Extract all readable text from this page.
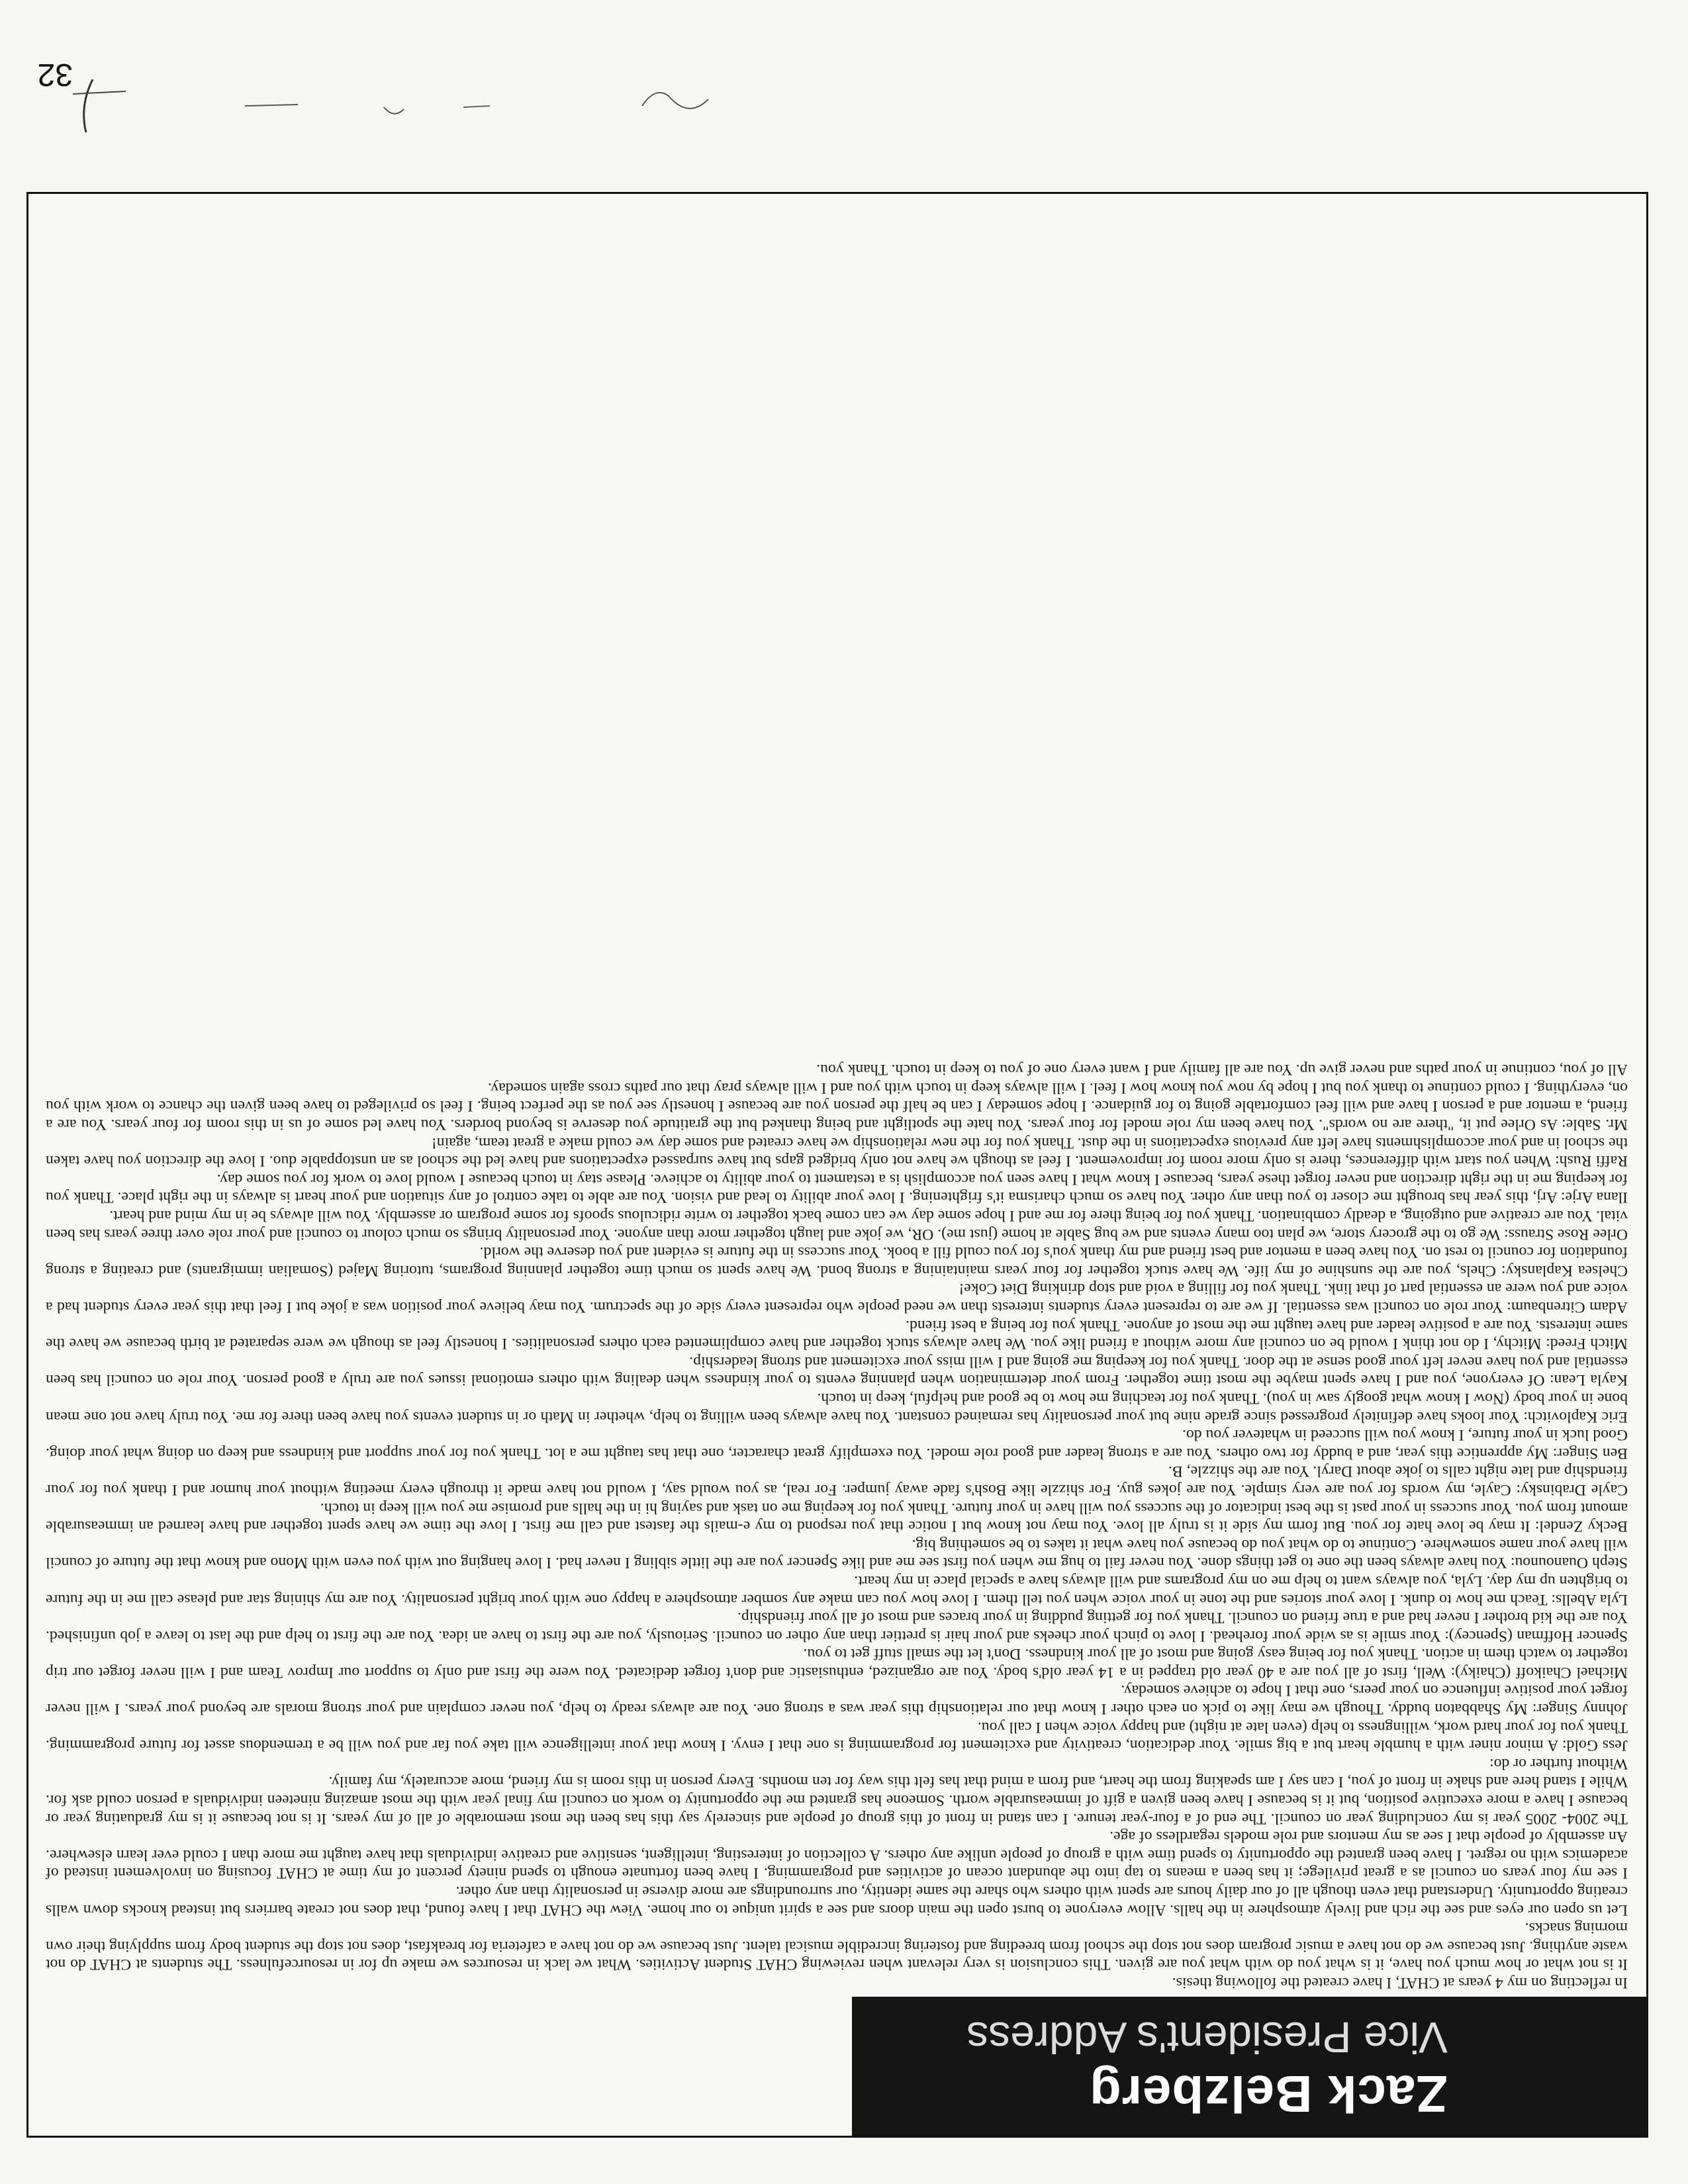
32
Zack Belzberg
Vice President's Address

In reflecting on my 4 years at CHAT, I have created the following thesis.

It is not what or how much you have, it is what you do with what you are given. This conclusion is very relevant when reviewing CHAT Student Activities. What we lack in resources we make up for in resourcefulness. The students at CHAT do not waste anything. Just because we do not have a music program does not stop the school from breeding and fostering incredible musical talent. Just because we do not have a cafeteria for breakfast, does not stop the student body from supplying their own morning snacks.

Let us open our eyes and see the rich and lively atmosphere in the halls. Allow everyone to burst open the main doors and see a spirit unique to our home. View the CHAT that I have found, that does not create barriers but instead knocks down walls creating opportunity. Understand that even though all of our daily hours are spent with others who share the same identity, our surroundings are more diverse in personality than any other.

I see my four years on council as a great privilege; it has been a means to tap into the abundant ocean of activities and programming. I have been fortunate enough to spend ninety percent of my time at CHAT focusing on involvement instead of academics with no regret. I have been granted the opportunity to spend time with a group of people unlike any others. A collection of interesting, intelligent, sensitive and creative individuals that have taught me more than I could ever learn elsewhere. An assembly of people that I see as my mentors and role models regardless of age.

The 2004- 2005 year is my concluding year on council. The end of a four-year tenure. I can stand in front of this group of people and sincerely say this has been the most memorable of all of my years. It is not because it is my graduating year or because I have a more executive position, but it is because I have been given a gift of immeasurable worth. Someone has granted me the opportunity to work on council my final year with the most amazing nineteen individuals a person could ask for. While I stand here and shake in front of you, I can say I am speaking from the heart, and from a mind that has felt this way for ten months. Every person in this room is my friend, more accurately, my family.

Without further or do:

Jess Gold: A minor niner with a humble heart but a big smile. Your dedication, creativity and excitement for programming is one that I envy. I know that your intelligence will take you far and you will be a tremendous asset for future programming. Thank you for your hard work, willingness to help (even late at night) and happy voice when I call you.

Johnny Singer: My Shabbaton buddy. Though we may like to pick on each other I know that our relationship this year was a strong one. You are always ready to help, you never complain and your strong morals are beyond your years. I will never forget your positive influence on your peers, one that I hope to achieve someday.

Michael Chaikoff (Chaiky): Well, first of all you are a 40 year old trapped in a 14 year old's body. You are organized, enthusiastic and don't forget dedicated. You were the first and only to support our Improv Team and I will never forget our trip together to watch them in action. Thank you for being easy going and most of all your kindness. Don't let the small stuff get to you.

Spencer Hoffman (Spencey): Your smile is as wide your forehead. I love to pinch your cheeks and your hair is prettier than any other on council. Seriously, you are the first to have an idea. You are the first to help and the last to leave a job unfinished. You are the kid brother I never had and a true friend on council. Thank you for getting pudding in your braces and most of all your friendship.

Lyla Abells: Teach me how to dunk. I love your stories and the tone in your voice when you tell them. I love how you can make any somber atmosphere a happy one with your bright personality. You are my shining star and please call me in the future to brighten up my day. Lyla, you always want to help me on my programs and will always have a special place in my heart.

Steph Ouanounou: You have always been the one to get things done. You never fail to hug me when you first see me and like Spencer you are the little sibling I never had. I love hanging out with you even with Mono and know that the future of council will have your name somewhere. Continue to do what you do because you have what it takes to be something big.

Becky Zendel: It may be love hate for you. But form my side it is truly all love. You may not know but I notice that you respond to my e-mails the fastest and call me first. I love the time we have spent together and have learned an immeasurable amount from you. Your success in your past is the best indicator of the success you will have in your future. Thank you for keeping me on task and saying hi in the halls and promise me you will keep in touch.

Cayle Drabinsky: Cayle, my words for you are very simple. You are jokes guy. For shizzle like Bosh's fade away jumper. For real, as you would say, I would not have made it through every meeting without your humor and I thank you for your friendship and late night calls to joke about Daryl. You are the shizzle, B.

Ben Singer: My apprentice this year, and a buddy for two others. You are a strong leader and good role model. You exemplify great character, one that has taught me a lot. Thank you for your support and kindness and keep on doing what your doing. Good luck in your future, I know you will succeed in whatever you do.

Eric Kaplovitch: Your looks have definitely progressed since grade nine but your personality has remained constant. You have always been willing to help, whether in Math or in student events you have been there for me. You truly have not one mean bone in your body (Now I know what googly saw in you). Thank you for teaching me how to be good and helpful, keep in touch.

Kayla Lean: Of everyone, you and I have spent maybe the most time together. From your determination when planning events to your kindness when dealing with others emotional issues you are truly a good person. Your role on council has been essential and you have never left your good sense at the door. Thank you for keeping me going and I will miss your excitement and strong leadership.

Mitch Freed: Mitchy, I do not think I would be on council any more without a friend like you. We have always stuck together and have complimented each others personalities. I honestly feel as though we were separated at birth because we have the same interests. You are a positive leader and have taught me the most of anyone. Thank you for being a best friend.

Adam Citrenbaum: Your role on council was essential. If we are to represent every students interests than we need people who represent every side of the spectrum. You may believe your position was a joke but I feel that this year every student had a voice and you were an essential part of that link. Thank you for filling a void and stop drinking Diet Coke!

Chelsea Kaplansky: Chels, you are the sunshine of my life. We have stuck together for four years maintaining a strong bond. We have spent so much time together planning programs, tutoring Majed (Somalian immigrants) and creating a strong foundation for council to rest on. You have been a mentor and best friend and my thank you's for you could fill a book. Your success in the future is evident and you deserve the world.

Orlee Rose Strauss: We go to the grocery store, we plan too many events and we bug Sable at home (just me). OR, we joke and laugh together more than anyone. Your personality brings so much colour to council and your role over three years has been vital. You are creative and outgoing, a deadly combination. Thank you for being there for me and I hope some day we can come back together to write ridiculous spoofs for some program or assembly. You will always be in my mind and heart.

Ilana Arje: Arj, this year has brought me closer to you than any other. You have so much charisma it's frightening. I love your ability to lead and vision. You are able to take control of any situation and your heart is always in the right place. Thank you for keeping me in the right direction and never forget these years, because I know what I have seen you accomplish is a testament to your ability to achieve. Please stay in touch because I would love to work for you some day.

Raffi Rush: When you start with differences, there is only more room for improvement. I feel as though we have not only bridged gaps but have surpassed expectations and have led the school as an unstoppable duo. I love the direction you have taken the school in and your accomplishments have left any previous expectations in the dust. Thank you for the new relationship we have created and some day we could make a great team, again!

Mr. Sable: As Orlee put it, "there are no words". You have been my role model for four years. You hate the spotlight and being thanked but the gratitude you deserve is beyond borders. You have led some of us in this room for four years. You are a friend, a mentor and a person I have and will feel comfortable going to for guidance. I hope someday I can be half the person you are because I honestly see you as the perfect being. I feel so privileged to have been given the chance to work with you on, everything. I could continue to thank you but I hope by now you know how I feel. I will always keep in touch with you and I will always pray that our paths cross again someday.

All of you, continue in your paths and never give up. You are all family and I want every one of you to keep in touch. Thank you.
